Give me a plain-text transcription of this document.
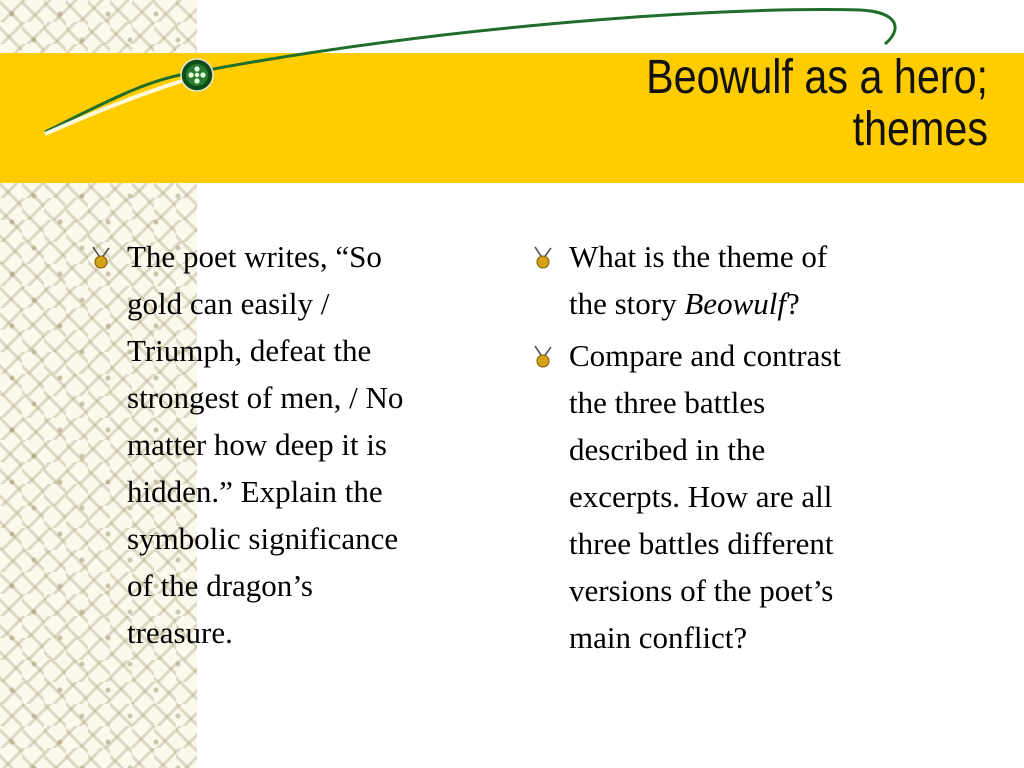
Beowulf as a hero;
themes
The poet writes, “So
gold can easily /
Triumph, defeat the
strongest of men, / No
matter how deep it is
hidden.” Explain the
symbolic significance
of the dragon’s
treasure.
What is the theme of
the story Beowulf?
Compare and contrast
the three battles
described in the
excerpts. How are all
three battles different
versions of the poet’s
main conflict?
